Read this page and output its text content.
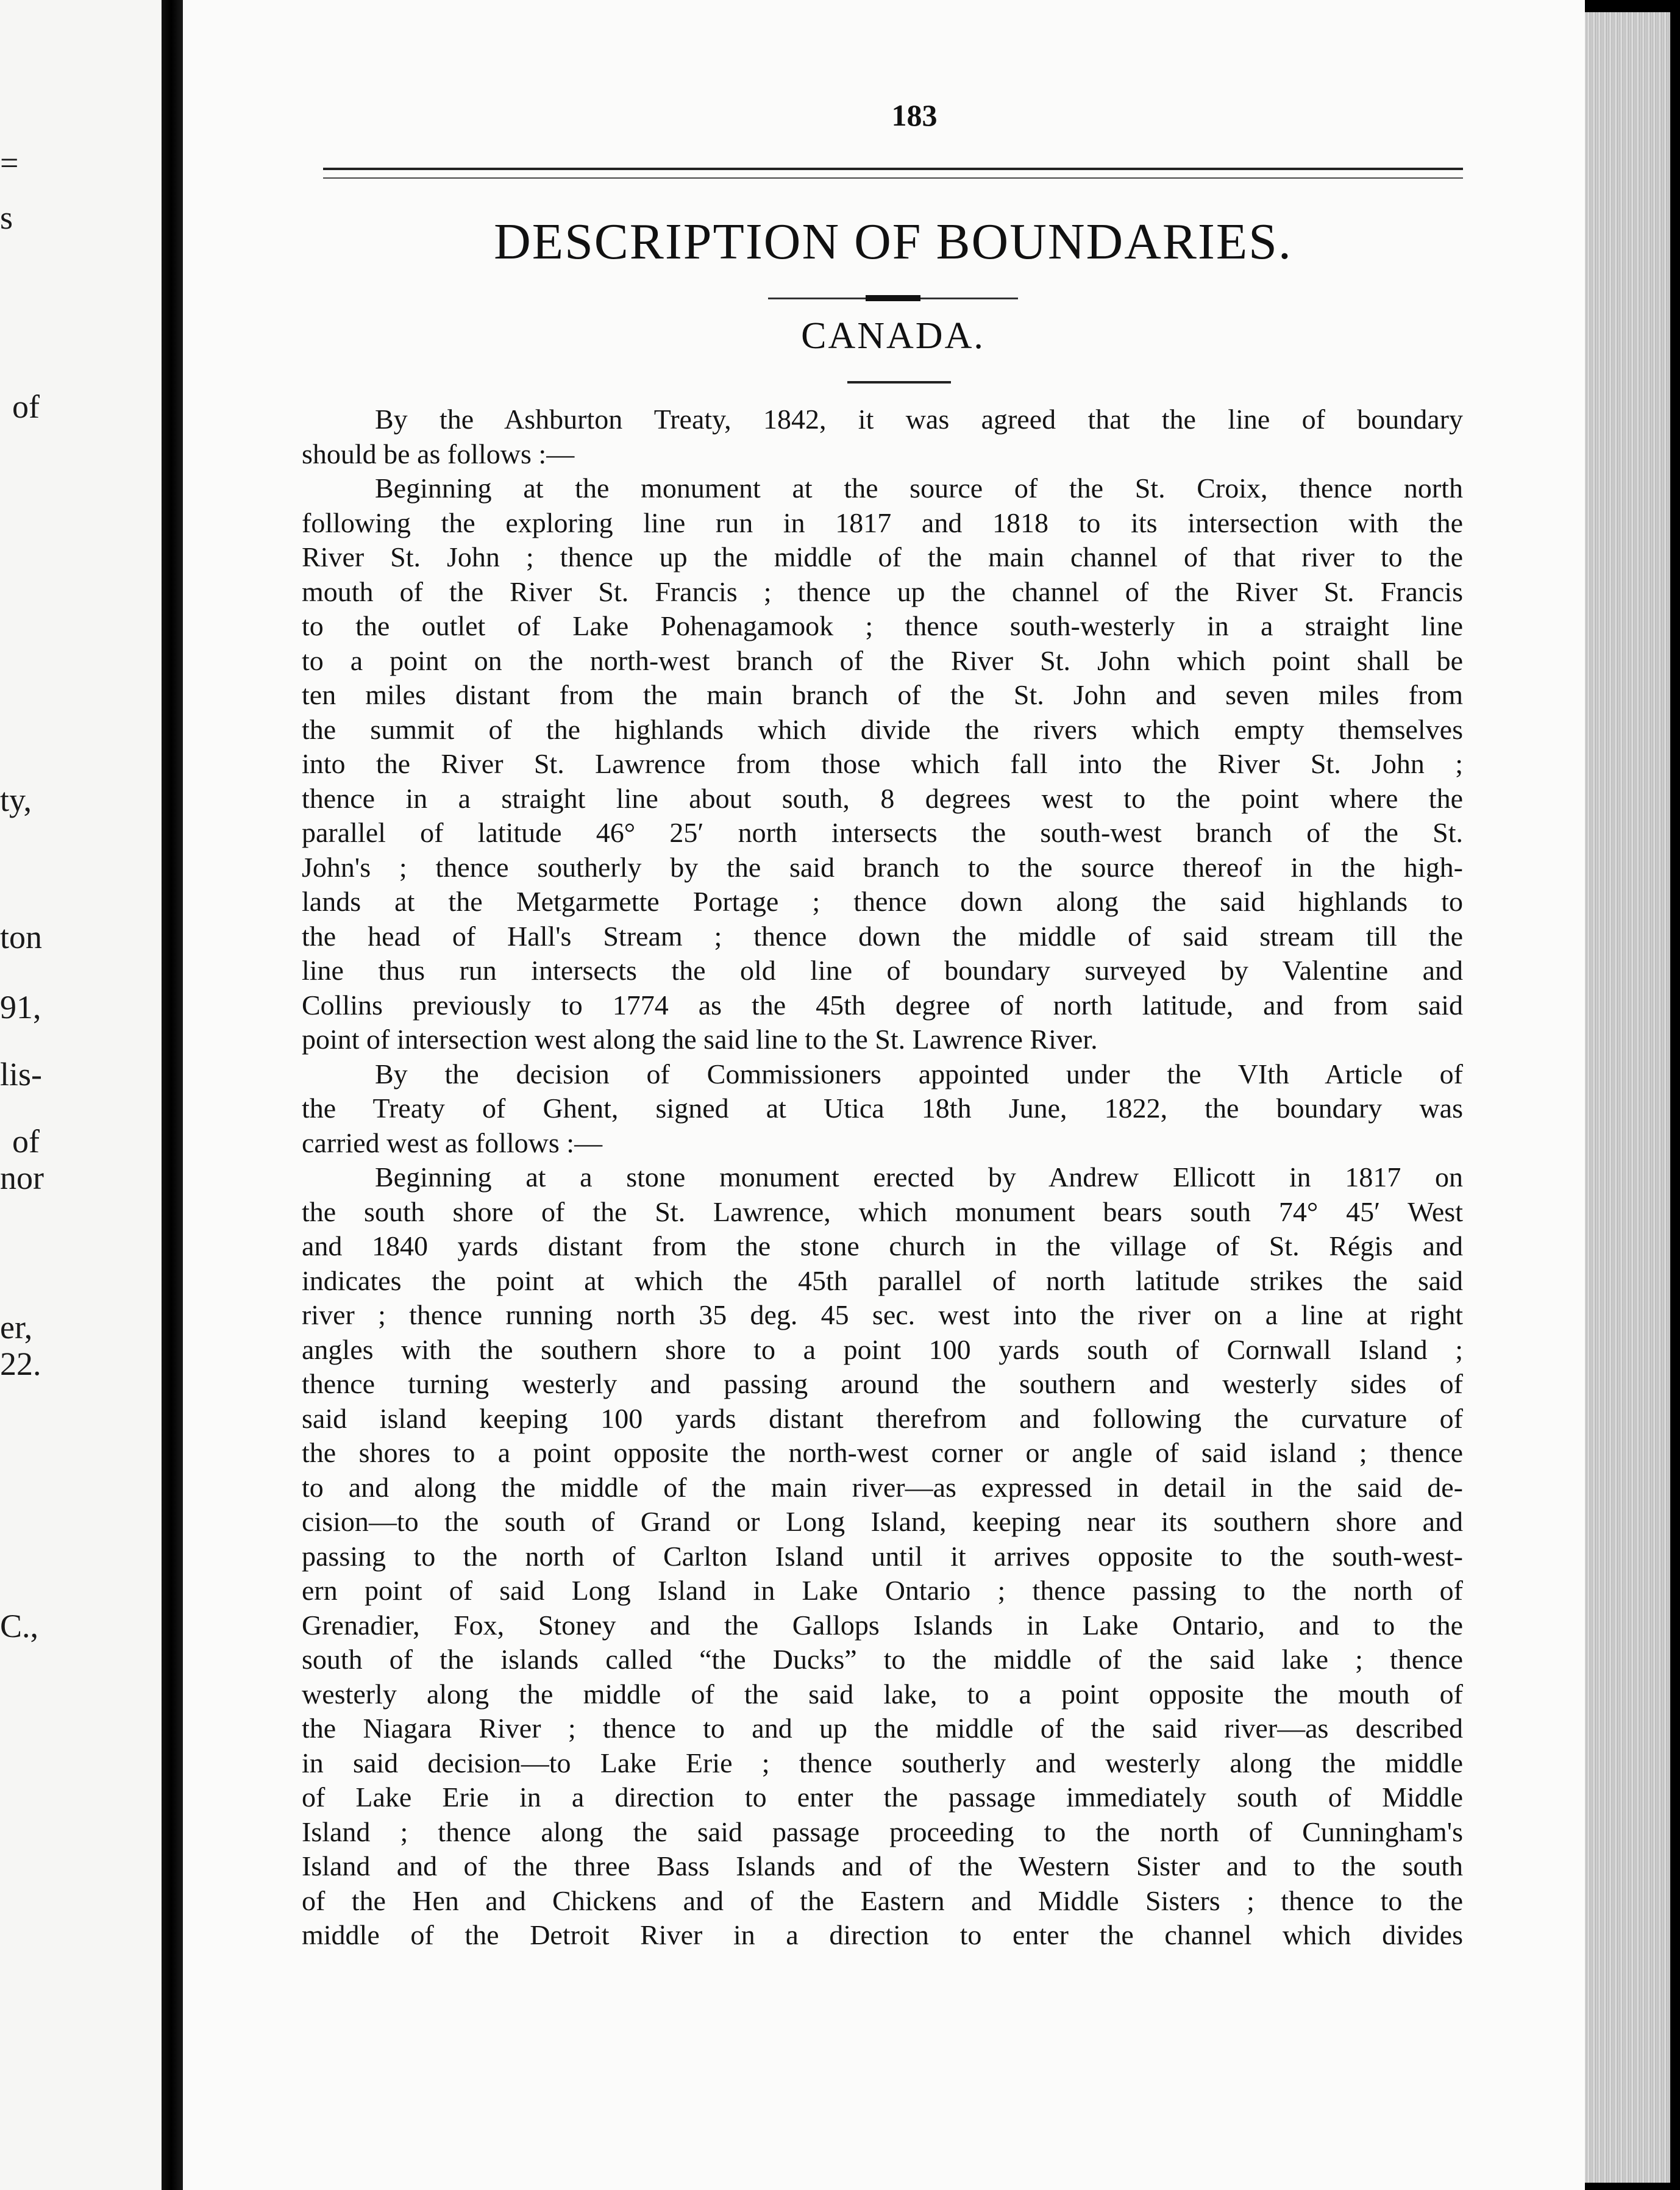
=
s
of
ty,
ton
91,
lis-
of
nor
er,
22.
C.,
183
DESCRIPTION OF BOUNDARIES.
CANADA.
By the Ashburton Treaty, 1842, it was agreed that the line of boundary
should be as follows :—
Beginning at the monument at the source of the St. Croix, thence north
following the exploring line run in 1817 and 1818 to its intersection with the
River St. John ; thence up the middle of the main channel of that river to the
mouth of the River St. Francis ; thence up the channel of the River St. Francis
to the outlet of Lake Pohenagamook ; thence south-westerly in a straight line
to a point on the north-west branch of the River St. John which point shall be
ten miles distant from the main branch of the St. John and seven miles from
the summit of the highlands which divide the rivers which empty themselves
into the River St. Lawrence from those which fall into the River St. John ;
thence in a straight line about south, 8 degrees west to the point where the
parallel of latitude 46° 25′ north intersects the south-west branch of the St.
John's ; thence southerly by the said branch to the source thereof in the high-
lands at the Metgarmette Portage ; thence down along the said highlands to
the head of Hall's Stream ; thence down the middle of said stream till the
line thus run intersects the old line of boundary surveyed by Valentine and
Collins previously to 1774 as the 45th degree of north latitude, and from said
point of intersection west along the said line to the St. Lawrence River.
By the decision of Commissioners appointed under the VIth Article of
the Treaty of Ghent, signed at Utica 18th June, 1822, the boundary was
carried west as follows :—
Beginning at a stone monument erected by Andrew Ellicott in 1817 on
the south shore of the St. Lawrence, which monument bears south 74° 45′ West
and 1840 yards distant from the stone church in the village of St. Régis and
indicates the point at which the 45th parallel of north latitude strikes the said
river ; thence running north 35 deg. 45 sec. west into the river on a line at right
angles with the southern shore to a point 100 yards south of Cornwall Island ;
thence turning westerly and passing around the southern and westerly sides of
said island keeping 100 yards distant therefrom and following the curvature of
the shores to a point opposite the north-west corner or angle of said island ; thence
to and along the middle of the main river—as expressed in detail in the said de-
cision—to the south of Grand or Long Island, keeping near its southern shore and
passing to the north of Carlton Island until it arrives opposite to the south-west-
ern point of said Long Island in Lake Ontario ; thence passing to the north of
Grenadier, Fox, Stoney and the Gallops Islands in Lake Ontario, and to the
south of the islands called “the Ducks” to the middle of the said lake ; thence
westerly along the middle of the said lake, to a point opposite the mouth of
the Niagara River ; thence to and up the middle of the said river—as described
in said decision—to Lake Erie ; thence southerly and westerly along the middle
of Lake Erie in a direction to enter the passage immediately south of Middle
Island ; thence along the said passage proceeding to the north of Cunningham's
Island and of the three Bass Islands and of the Western Sister and to the south
of the Hen and Chickens and of the Eastern and Middle Sisters ; thence to the
middle of the Detroit River in a direction to enter the channel which divides
